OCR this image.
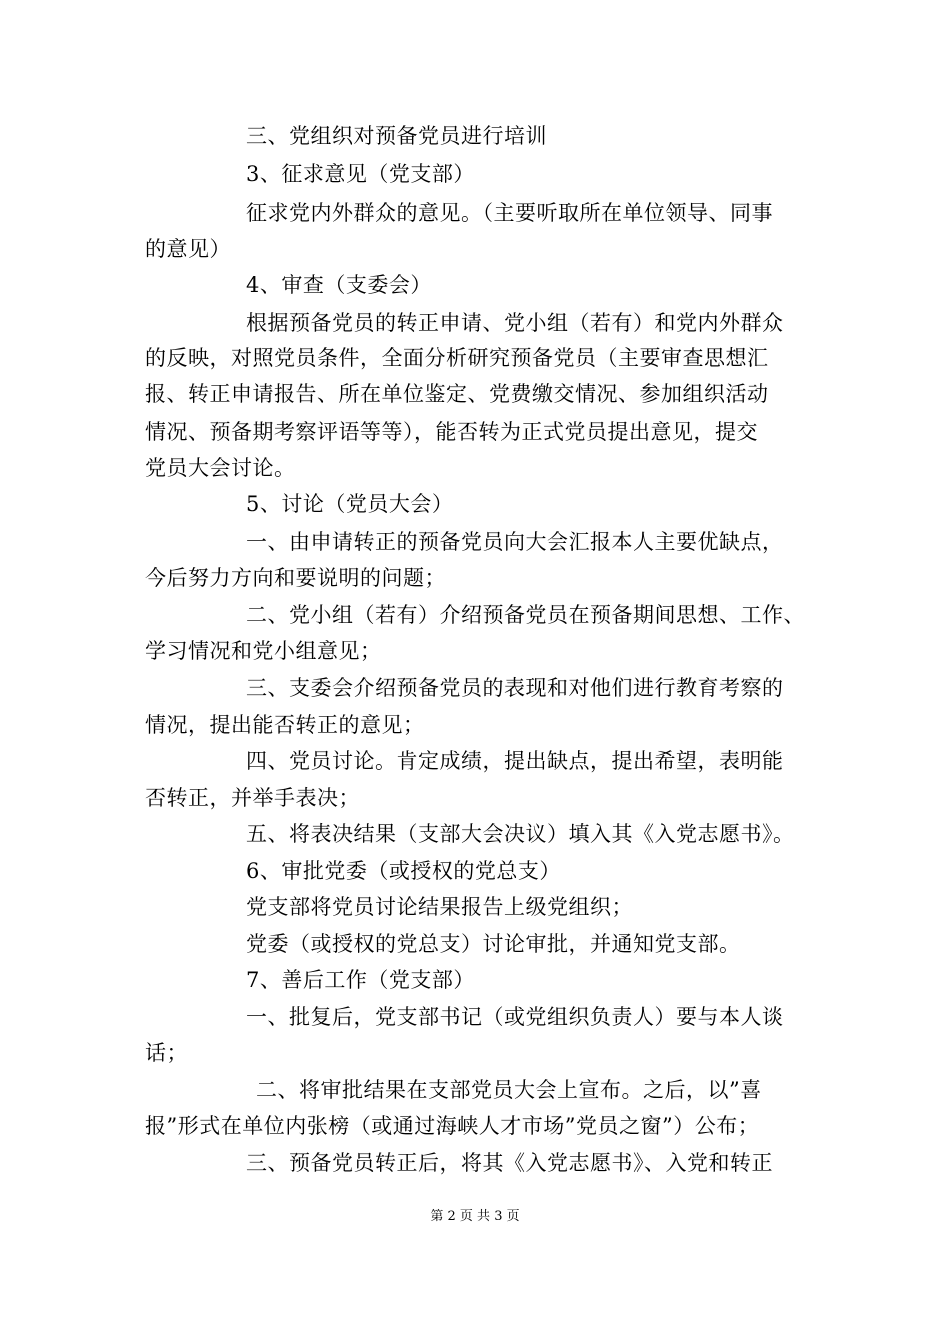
三、党组织对预备党员进行培训
3、征求意见（党支部）
征求党内外群众的意见。（主要听取所在单位领导、同事
的意见）
4、审查（支委会）
根据预备党员的转正申请、党小组（若有）和党内外群众
的反映，对照党员条件，全面分析研究预备党员（主要审查思想汇
报、转正申请报告、所在单位鉴定、党费缴交情况、参加组织活动
情况、预备期考察评语等等），能否转为正式党员提出意见，提交
党员大会讨论。
5、讨论（党员大会）
一、由申请转正的预备党员向大会汇报本人主要优缺点，
今后努力方向和要说明的问题；
二、党小组（若有）介绍预备党员在预备期间思想、工作、
学习情况和党小组意见；
三、支委会介绍预备党员的表现和对他们进行教育考察的
情况，提出能否转正的意见；
四、党员讨论。肯定成绩，提出缺点，提出希望，表明能
否转正，并举手表决；
五、将表决结果（支部大会决议）填入其《入党志愿书》。
6、审批党委（或授权的党总支）
党支部将党员讨论结果报告上级党组织；
党委（或授权的党总支）讨论审批，并通知党支部。
7、善后工作（党支部）
一、批复后，党支部书记（或党组织负责人）要与本人谈
话；
二、将审批结果在支部党员大会上宣布。之后，以”喜
报”形式在单位内张榜（或通过海峡人才市场”党员之窗”）公布；
三、预备党员转正后，将其《入党志愿书》、入党和转正
第 2 页 共 3 页
